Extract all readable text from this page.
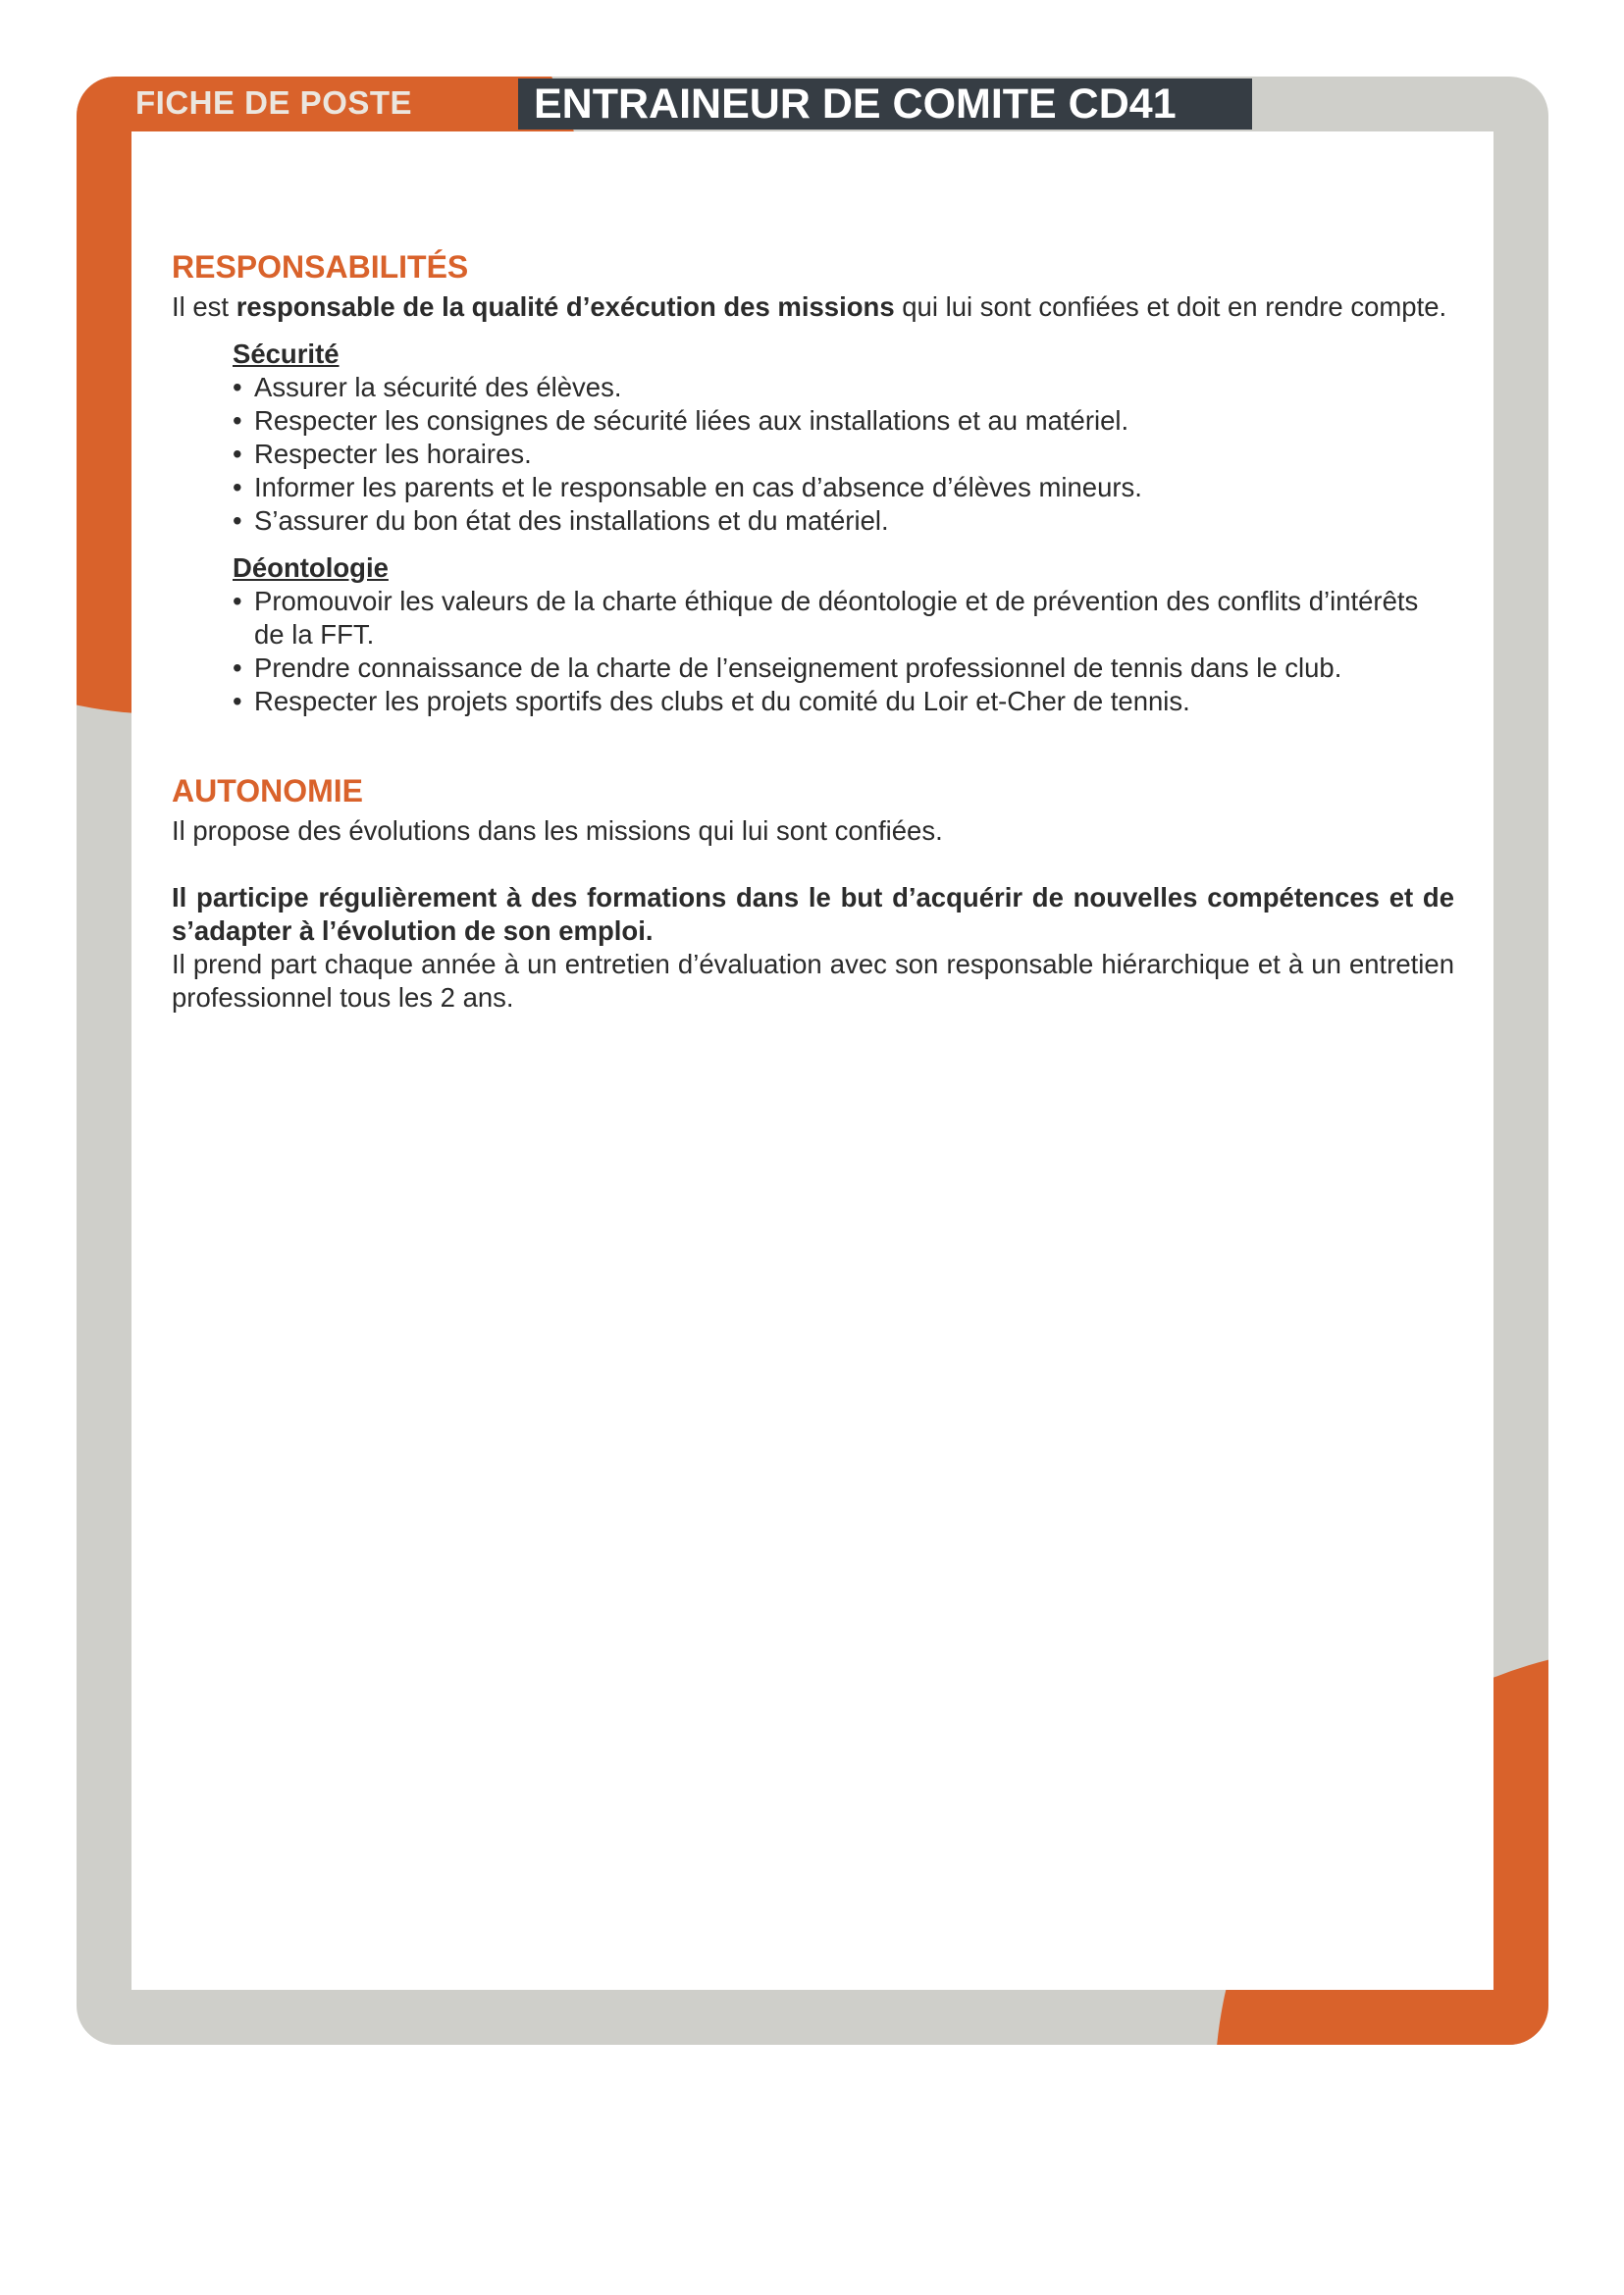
FICHE DE POSTE	ENTRAINEUR DE COMITE CD41
RESPONSABILITÉS

Il est responsable de la qualité d’exécution des missions qui lui sont confiées et doit en rendre compte.

Sécurité
• Assurer la sécurité des élèves.
• Respecter les consignes de sécurité liées aux installations et au matériel.
• Respecter les horaires.
• Informer les parents et le responsable en cas d’absence d’élèves mineurs.
• S’assurer du bon état des installations et du matériel.
Déontologie
• Promouvoir les valeurs de la charte éthique de déontologie et de prévention des conflits d’intérêts de la FFT.
• Prendre connaissance de la charte de l’enseignement professionnel de tennis dans le club.
• Respecter les projets sportifs des clubs et du comité du Loir et-Cher de tennis.
AUTONOMIE

Il propose des évolutions dans les missions qui lui sont confiées.

Il participe régulièrement à des formations dans le but d’acquérir de nouvelles compétences et de s’adapter à l’évolution de son emploi.

Il prend part chaque année à un entretien d’évaluation avec son responsable hiérarchique et à un entretien professionnel tous les 2 ans.
